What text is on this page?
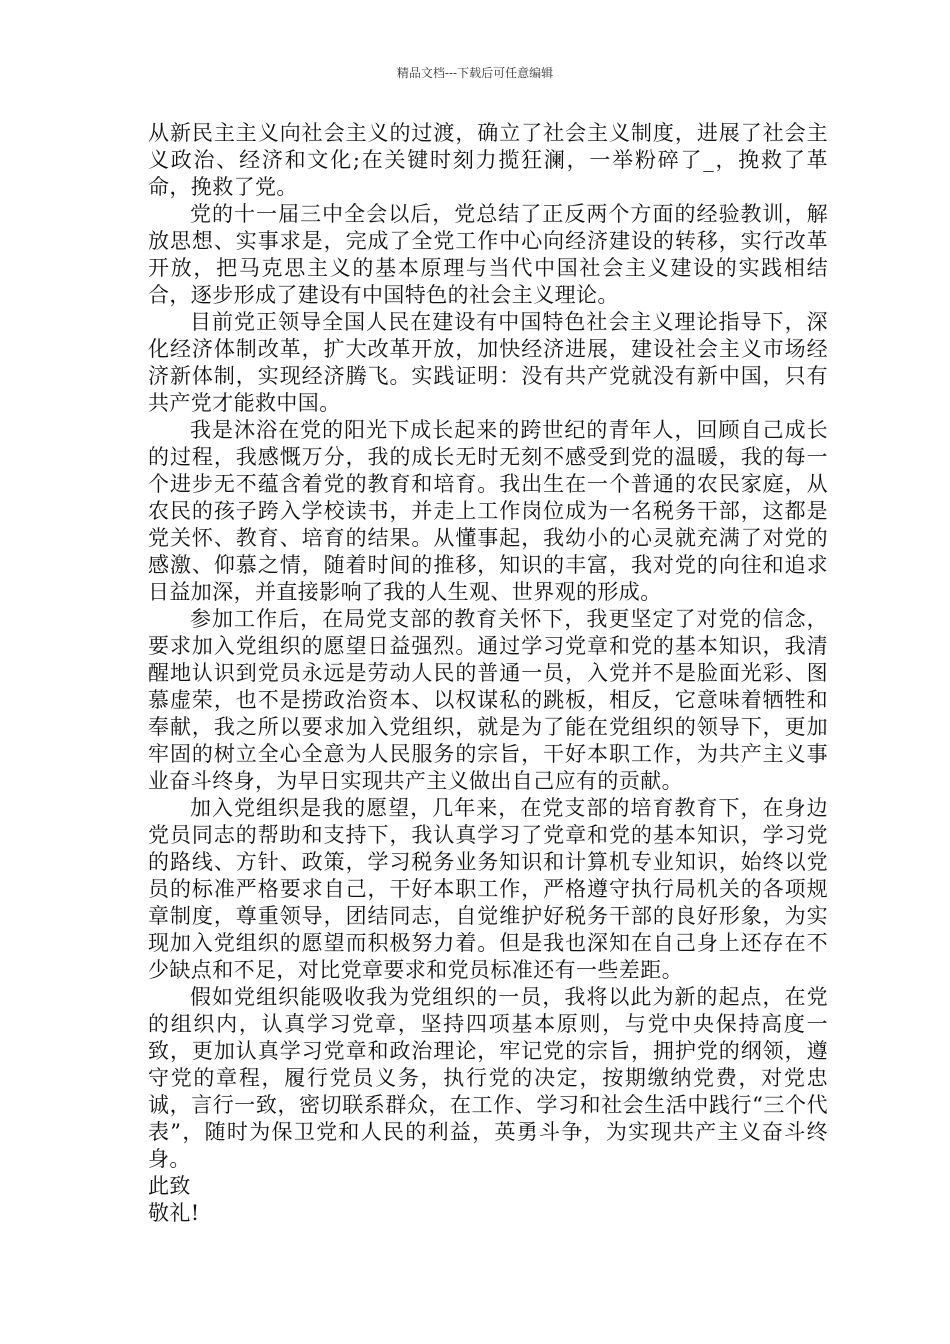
精品文档---下载后可任意编辑

从新民主主义向社会主义的过渡，确立了社会主义制度，进展了社会主义政治、经济和文化;在关键时刻力揽狂澜，一举粉碎了_，挽救了革命，挽救了党。

党的十一届三中全会以后，党总结了正反两个方面的经验教训，解放思想、实事求是，完成了全党工作中心向经济建设的转移，实行改革开放，把马克思主义的基本原理与当代中国社会主义建设的实践相结合，逐步形成了建设有中国特色的社会主义理论。

目前党正领导全国人民在建设有中国特色社会主义理论指导下，深化经济体制改革，扩大改革开放，加快经济进展，建设社会主义市场经济新体制，实现经济腾飞。实践证明：没有共产党就没有新中国，只有共产党才能救中国。

我是沐浴在党的阳光下成长起来的跨世纪的青年人，回顾自己成长的过程，我感慨万分，我的成长无时无刻不感受到党的温暖，我的每一个进步无不蕴含着党的教育和培育。我出生在一个普通的农民家庭，从农民的孩子跨入学校读书，并走上工作岗位成为一名税务干部，这都是党关怀、教育、培育的结果。从懂事起，我幼小的心灵就充满了对党的感激、仰慕之情，随着时间的推移，知识的丰富，我对党的向往和追求日益加深，并直接影响了我的人生观、世界观的形成。

参加工作后，在局党支部的教育关怀下，我更坚定了对党的信念，要求加入党组织的愿望日益强烈。通过学习党章和党的基本知识，我清醒地认识到党员永远是劳动人民的普通一员，入党并不是脸面光彩、图慕虚荣，也不是捞政治资本、以权谋私的跳板，相反，它意味着牺牲和奉献，我之所以要求加入党组织，就是为了能在党组织的领导下，更加牢固的树立全心全意为人民服务的宗旨，干好本职工作，为共产主义事业奋斗终身，为早日实现共产主义做出自己应有的贡献。

加入党组织是我的愿望，几年来，在党支部的培育教育下，在身边党员同志的帮助和支持下，我认真学习了党章和党的基本知识，学习党的路线、方针、政策，学习税务业务知识和计算机专业知识，始终以党员的标准严格要求自己，干好本职工作，严格遵守执行局机关的各项规章制度，尊重领导，团结同志，自觉维护好税务干部的良好形象，为实现加入党组织的愿望而积极努力着。但是我也深知在自己身上还存在不少缺点和不足，对比党章要求和党员标准还有一些差距。

假如党组织能吸收我为党组织的一员，我将以此为新的起点，在党的组织内，认真学习党章，坚持四项基本原则，与党中央保持高度一致，更加认真学习党章和政治理论，牢记党的宗旨，拥护党的纲领，遵守党的章程，履行党员义务，执行党的决定，按期缴纳党费，对党忠诚，言行一致，密切联系群众，在工作、学习和社会生活中践行“三个代表”，随时为保卫党和人民的利益，英勇斗争，为实现共产主义奋斗终身。

此致

敬礼!
